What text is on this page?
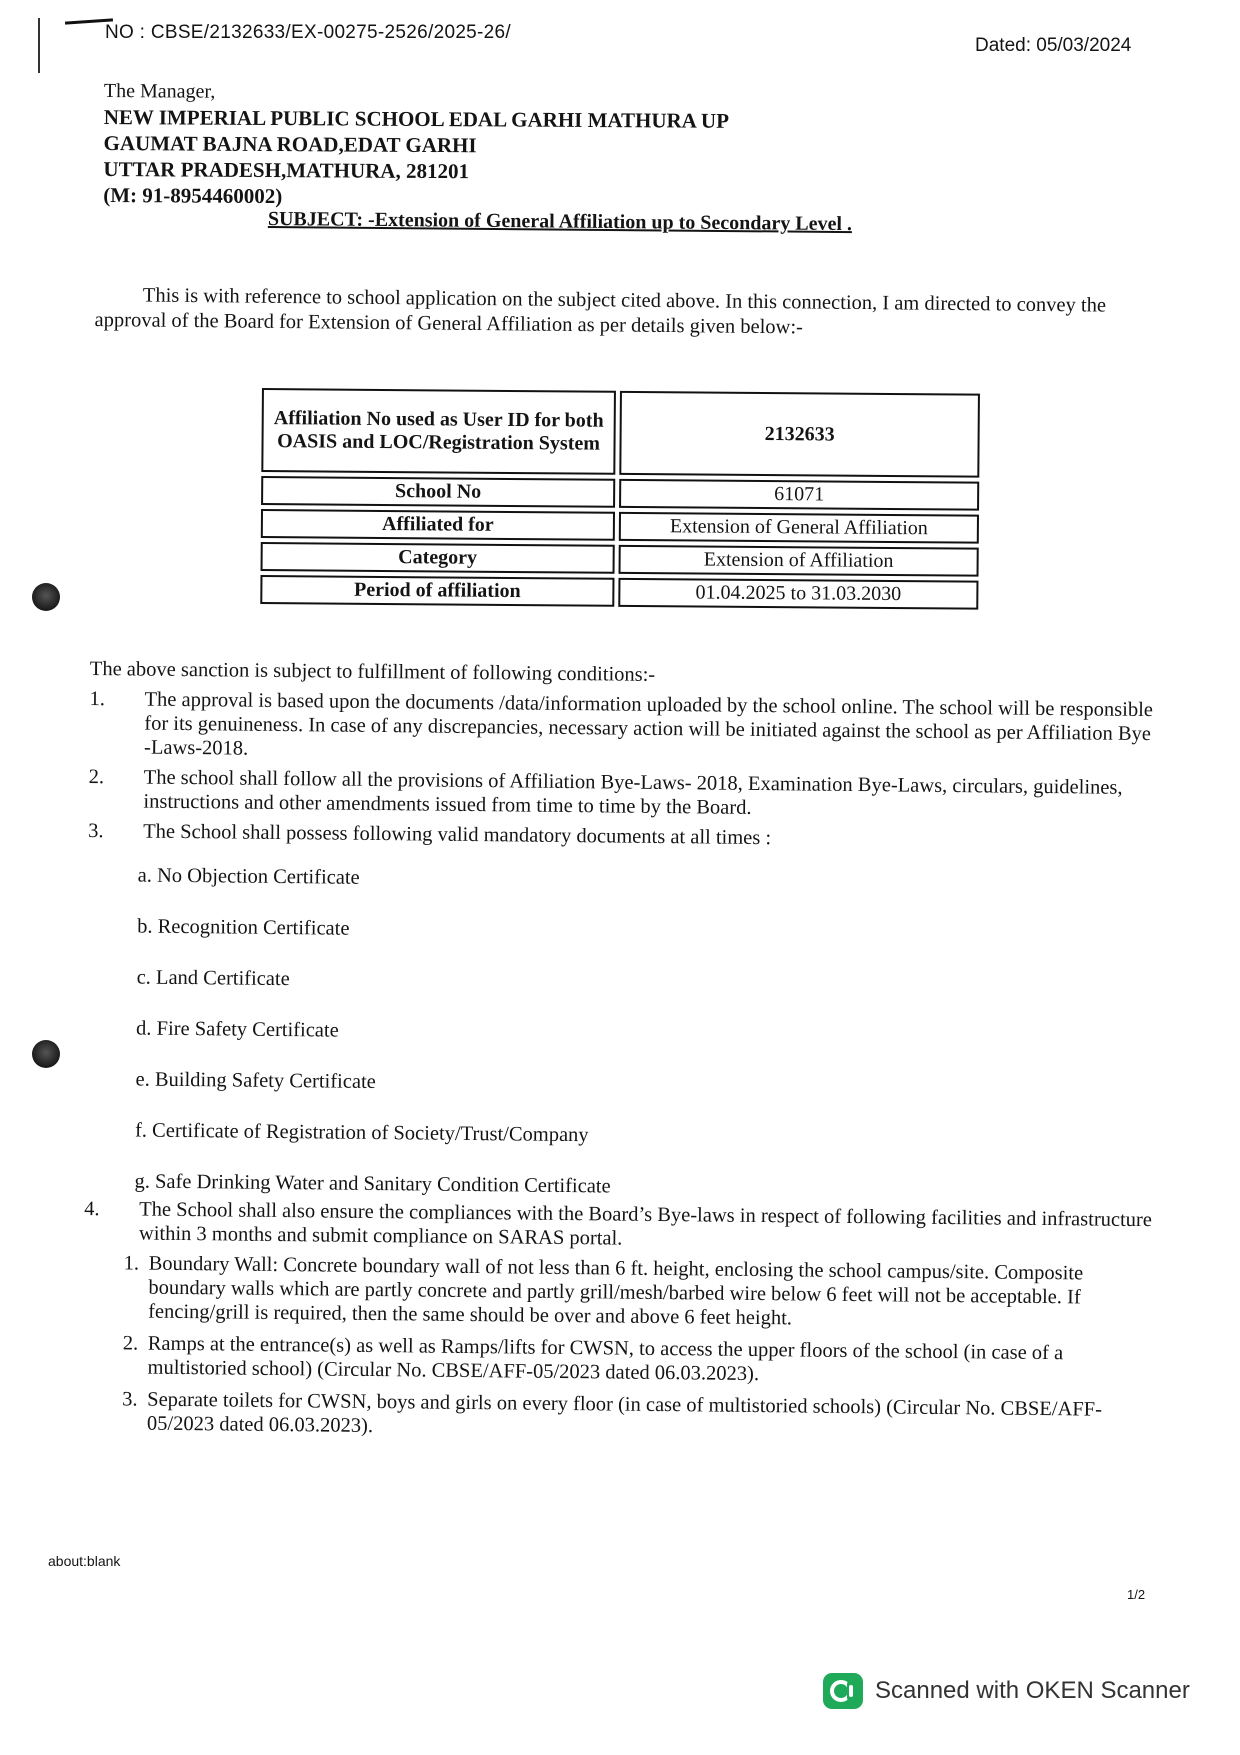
NO : CBSE/2132633/EX-00275-2526/2025-26/
Dated: 05/03/2024
The Manager,
NEW IMPERIAL PUBLIC SCHOOL EDAL GARHI MATHURA UP
GAUMAT BAJNA ROAD,EDAT GARHI
UTTAR PRADESH,MATHURA, 281201
(M: 91-8954460002)
SUBJECT: -Extension of General Affiliation up to Secondary Level .
This is with reference to school application on the subject cited above. In this connection, I am directed to convey the approval of the Board for Extension of General Affiliation as per details given below:-
Affiliation No used as User ID for both OASIS and LOC/Registration System	2132633
School No	61071
Affiliated for	Extension of General Affiliation
Category	Extension of Affiliation
Period of affiliation	01.04.2025 to 31.03.2030
The above sanction is subject to fulfillment of following conditions:-
1. The approval is based upon the documents /data/information uploaded by the school online. The school will be responsible for its genuineness. In case of any discrepancies, necessary action will be initiated against the school as per Affiliation Bye -Laws-2018.
2. The school shall follow all the provisions of Affiliation Bye-Laws- 2018, Examination Bye-Laws, circulars, guidelines, instructions and other amendments issued from time to time by the Board.
3. The School shall possess following valid mandatory documents at all times :
a. No Objection Certificate
b. Recognition Certificate
c. Land Certificate
d. Fire Safety Certificate
e. Building Safety Certificate
f. Certificate of Registration of Society/Trust/Company
g. Safe Drinking Water and Sanitary Condition Certificate
4. The School shall also ensure the compliances with the Board’s Bye-laws in respect of following facilities and infrastructure within 3 months and submit compliance on SARAS portal.
1. Boundary Wall: Concrete boundary wall of not less than 6 ft. height, enclosing the school campus/site. Composite boundary walls which are partly concrete and partly grill/mesh/barbed wire below 6 feet will not be acceptable. If fencing/grill is required, then the same should be over and above 6 feet height.
2. Ramps at the entrance(s) as well as Ramps/lifts for CWSN, to access the upper floors of the school (in case of a multistoried school) (Circular No. CBSE/AFF-05/2023 dated 06.03.2023).
3. Separate toilets for CWSN, boys and girls on every floor (in case of multistoried schools) (Circular No. CBSE/AFF-05/2023 dated 06.03.2023).
about:blank
1/2
Scanned with OKEN Scanner
